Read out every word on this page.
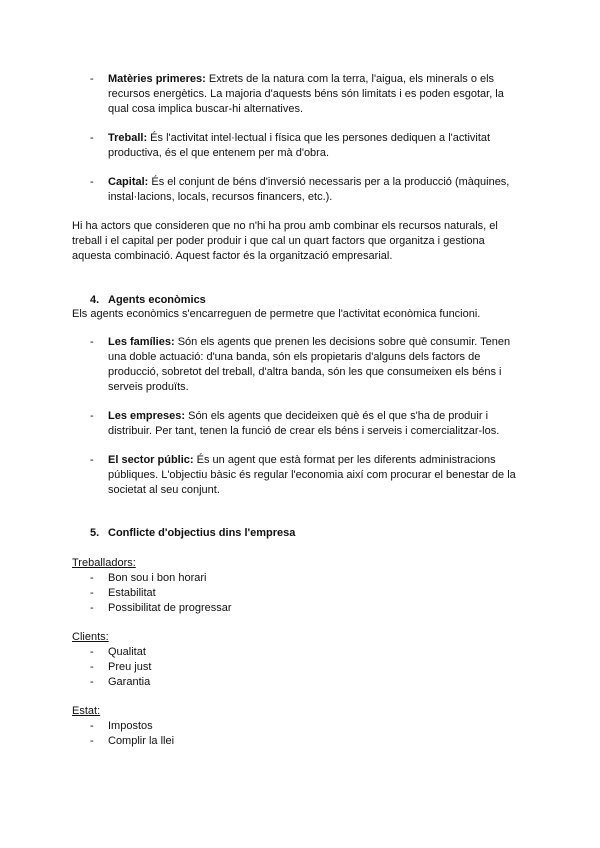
- Matèries primeres: Extrets de la natura com la terra, l'aigua, els minerals o els
recursos energètics. La majoria d'aquests béns són limitats i es poden esgotar, la
qual cosa implica buscar-hi alternatives.
- Treball: És l'activitat intel·lectual i física que les persones dediquen a l'activitat
productiva, és el que entenem per mà d'obra.
- Capital: És el conjunt de béns d'inversió necessaris per a la producció (màquines,
instal·lacions, locals, recursos financers, etc.).
Hi ha actors que consideren que no n'hi ha prou amb combinar els recursos naturals, el
treball i el capital per poder produir i que cal un quart factors que organitza i gestiona
aquesta combinació. Aquest factor és la organització empresarial.
4. Agents econòmics
Els agents econòmics s'encarreguen de permetre que l'activitat econòmica funcioni.
- Les famílies: Són els agents que prenen les decisions sobre què consumir. Tenen
una doble actuació: d'una banda, són els propietaris d'alguns dels factors de
producció, sobretot del treball, d'altra banda, són les que consumeixen els béns i
serveis produïts.
- Les empreses: Són els agents que decideixen què és el que s'ha de produir i
distribuir. Per tant, tenen la funció de crear els béns i serveis i comercialitzar-los.
- El sector públic: És un agent que està format per les diferents administracions
públiques. L'objectiu bàsic és regular l'economia així com procurar el benestar de la
societat al seu conjunt.
5. Conflicte d'objectius dins l'empresa
Treballadors:
- Bon sou i bon horari
- Estabilitat
- Possibilitat de progressar
Clients:
- Qualitat
- Preu just
- Garantia
Estat:
- Impostos
- Complir la llei
